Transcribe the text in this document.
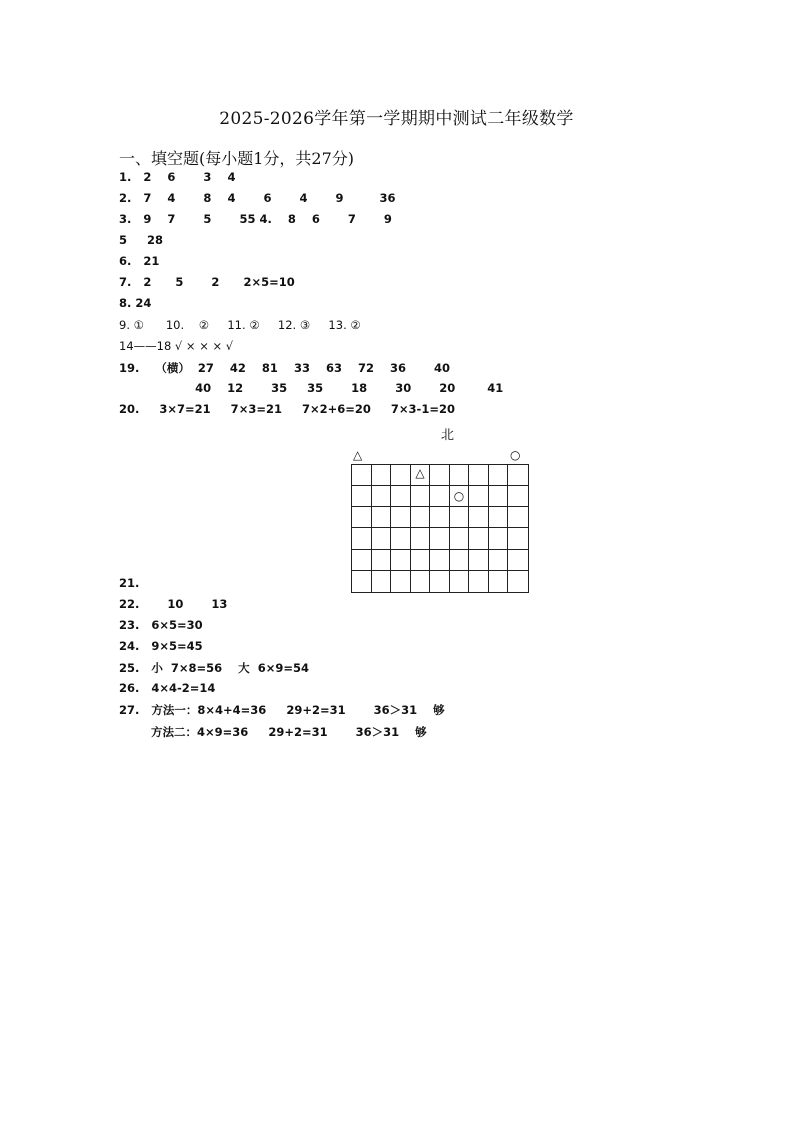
2025-2026学年第一学期期中测试二年级数学
一、填空题(每小题1分，共27分)
1.   2    6       3    4
2.   7    4       8    4       6       4       9         36
3.   9    7       5       55 4.    8    6       7       9
5     28
6.   21
7.   2      5       2      2×5=10
8. 24
9. ①      10.    ②     11. ②     12. ③     13. ②
14——18 √ × × × √
19.    （横）  27    42    81    33    63    72    36       40
40    12       35     35       18       30       20        41
20.     3×7=21     7×3=21     7×2+6=20     7×3-1=20
北
△	○
△
○
21.
22.       10       13
23.   6×5=30
24.   9×5=45
25.   小  7×8=56    大  6×9=54
26.   4×4-2=14
27.   方法一：8×4+4=36     29+2=31       36＞31    够
方法二：4×9=36     29+2=31       36＞31    够
